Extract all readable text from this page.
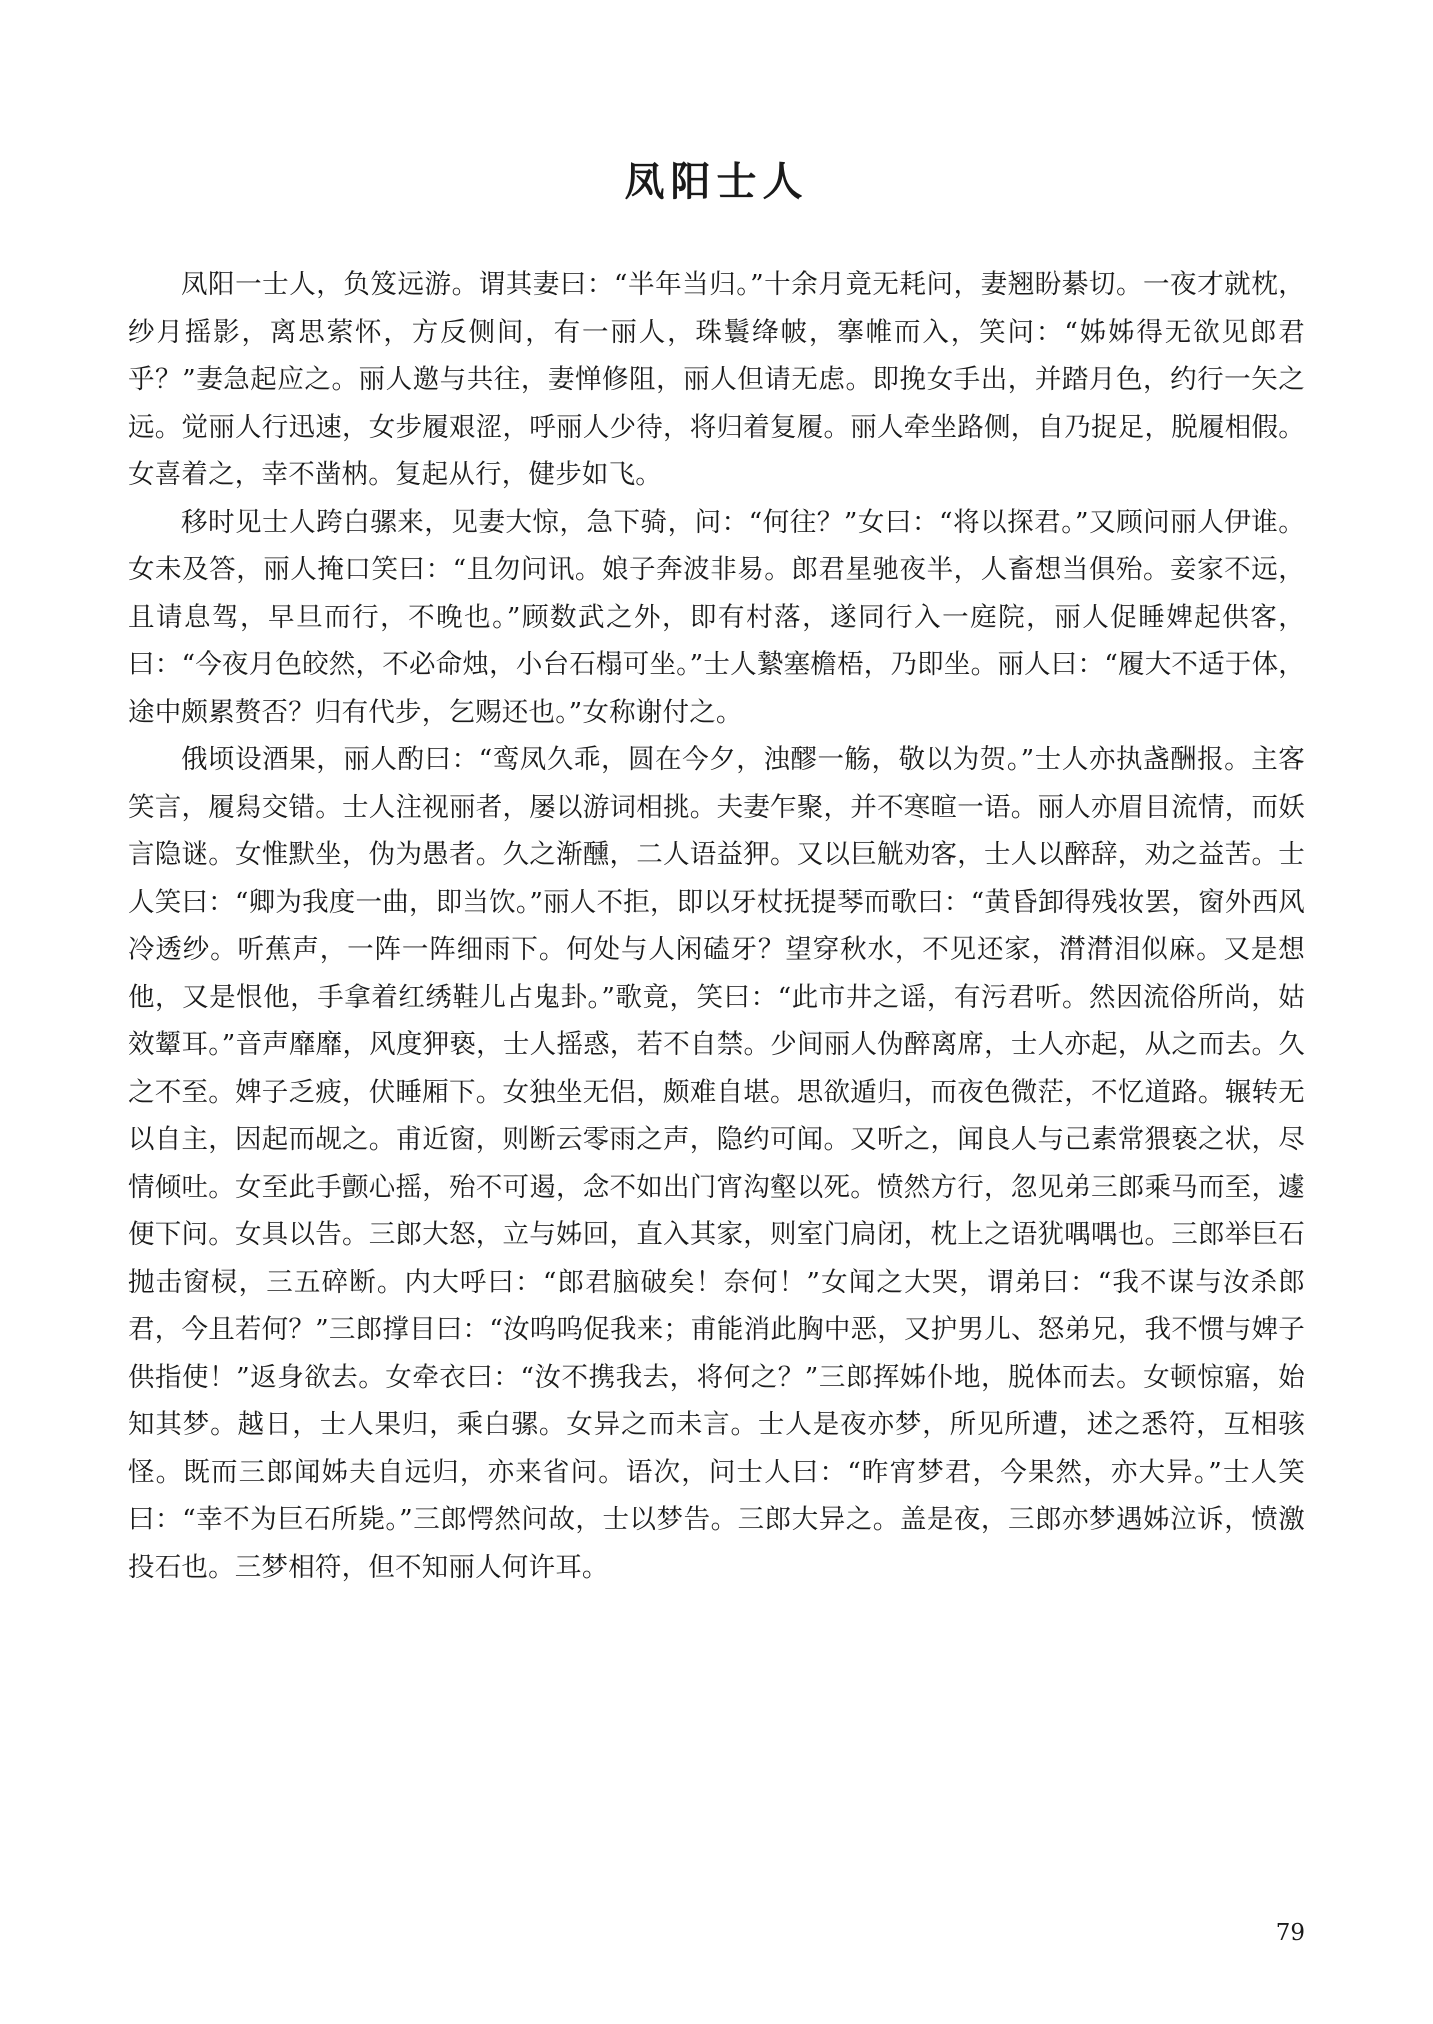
凤阳士人

凤阳一士人，负笈远游。谓其妻曰：“半年当归。”十余月竟无耗问，妻翘盼綦切。一夜才就枕，纱月摇影，离思萦怀，方反侧间，有一丽人，珠鬟绛帔，搴帷而入，笑问：“姊姊得无欲见郎君乎？”妻急起应之。丽人邀与共往，妻惮修阻，丽人但请无虑。即挽女手出，并踏月色，约行一矢之远。觉丽人行迅速，女步履艰涩，呼丽人少待，将归着复履。丽人牵坐路侧，自乃捉足，脱履相假。女喜着之，幸不凿枘。复起从行，健步如飞。

移时见士人跨白骡来，见妻大惊，急下骑，问：“何往？”女曰：“将以探君。”又顾问丽人伊谁。女未及答，丽人掩口笑曰：“且勿问讯。娘子奔波非易。郎君星驰夜半，人畜想当俱殆。妾家不远，且请息驾，早旦而行，不晚也。”顾数武之外，即有村落，遂同行入一庭院，丽人促睡婢起供客，曰：“今夜月色皎然，不必命烛，小台石榻可坐。”士人縶塞檐梧，乃即坐。丽人曰：“履大不适于体，途中颇累赘否？归有代步，乞赐还也。”女称谢付之。

俄顷设酒果，丽人酌曰：“鸾凤久乖，圆在今夕，浊醪一觞，敬以为贺。”士人亦执盏酬报。主客笑言，履舄交错。士人注视丽者，屡以游词相挑。夫妻乍聚，并不寒暄一语。丽人亦眉目流情，而妖言隐谜。女惟默坐，伪为愚者。久之渐醺，二人语益狎。又以巨觥劝客，士人以醉辞，劝之益苦。士人笑曰：“卿为我度一曲，即当饮。”丽人不拒，即以牙杖抚提琴而歌曰：“黄昏卸得残妆罢，窗外西风冷透纱。听蕉声，一阵一阵细雨下。何处与人闲磕牙？望穿秋水，不见还家，潸潸泪似麻。又是想他，又是恨他，手拿着红绣鞋儿占鬼卦。”歌竟，笑曰：“此市井之谣，有污君听。然因流俗所尚，姑效颦耳。”音声靡靡，风度狎亵，士人摇惑，若不自禁。少间丽人伪醉离席，士人亦起，从之而去。久之不至。婢子乏疲，伏睡厢下。女独坐无侣，颇难自堪。思欲遁归，而夜色微茫，不忆道路。辗转无以自主，因起而觇之。甫近窗，则断云零雨之声，隐约可闻。又听之，闻良人与己素常猥亵之状，尽情倾吐。女至此手颤心摇，殆不可遏，念不如出门宵沟壑以死。愤然方行，忽见弟三郎乘马而至，遽便下问。女具以告。三郎大怒，立与姊回，直入其家，则室门扃闭，枕上之语犹喁喁也。三郎举巨石抛击窗棂，三五碎断。内大呼曰：“郎君脑破矣！奈何！”女闻之大哭，谓弟曰：“我不谋与汝杀郎君，今且若何？”三郎撑目曰：“汝呜呜促我来；甫能消此胸中恶，又护男儿、怒弟兄，我不惯与婢子供指使！”返身欲去。女牵衣曰：“汝不携我去，将何之？”三郎挥姊仆地，脱体而去。女顿惊寤，始知其梦。越日，士人果归，乘白骡。女异之而未言。士人是夜亦梦，所见所遭，述之悉符，互相骇怪。既而三郎闻姊夫自远归，亦来省问。语次，问士人曰：“昨宵梦君，今果然，亦大异。”士人笑曰：“幸不为巨石所毙。”三郎愕然问故，士以梦告。三郎大异之。盖是夜，三郎亦梦遇姊泣诉，愤激投石也。三梦相符，但不知丽人何许耳。

79
